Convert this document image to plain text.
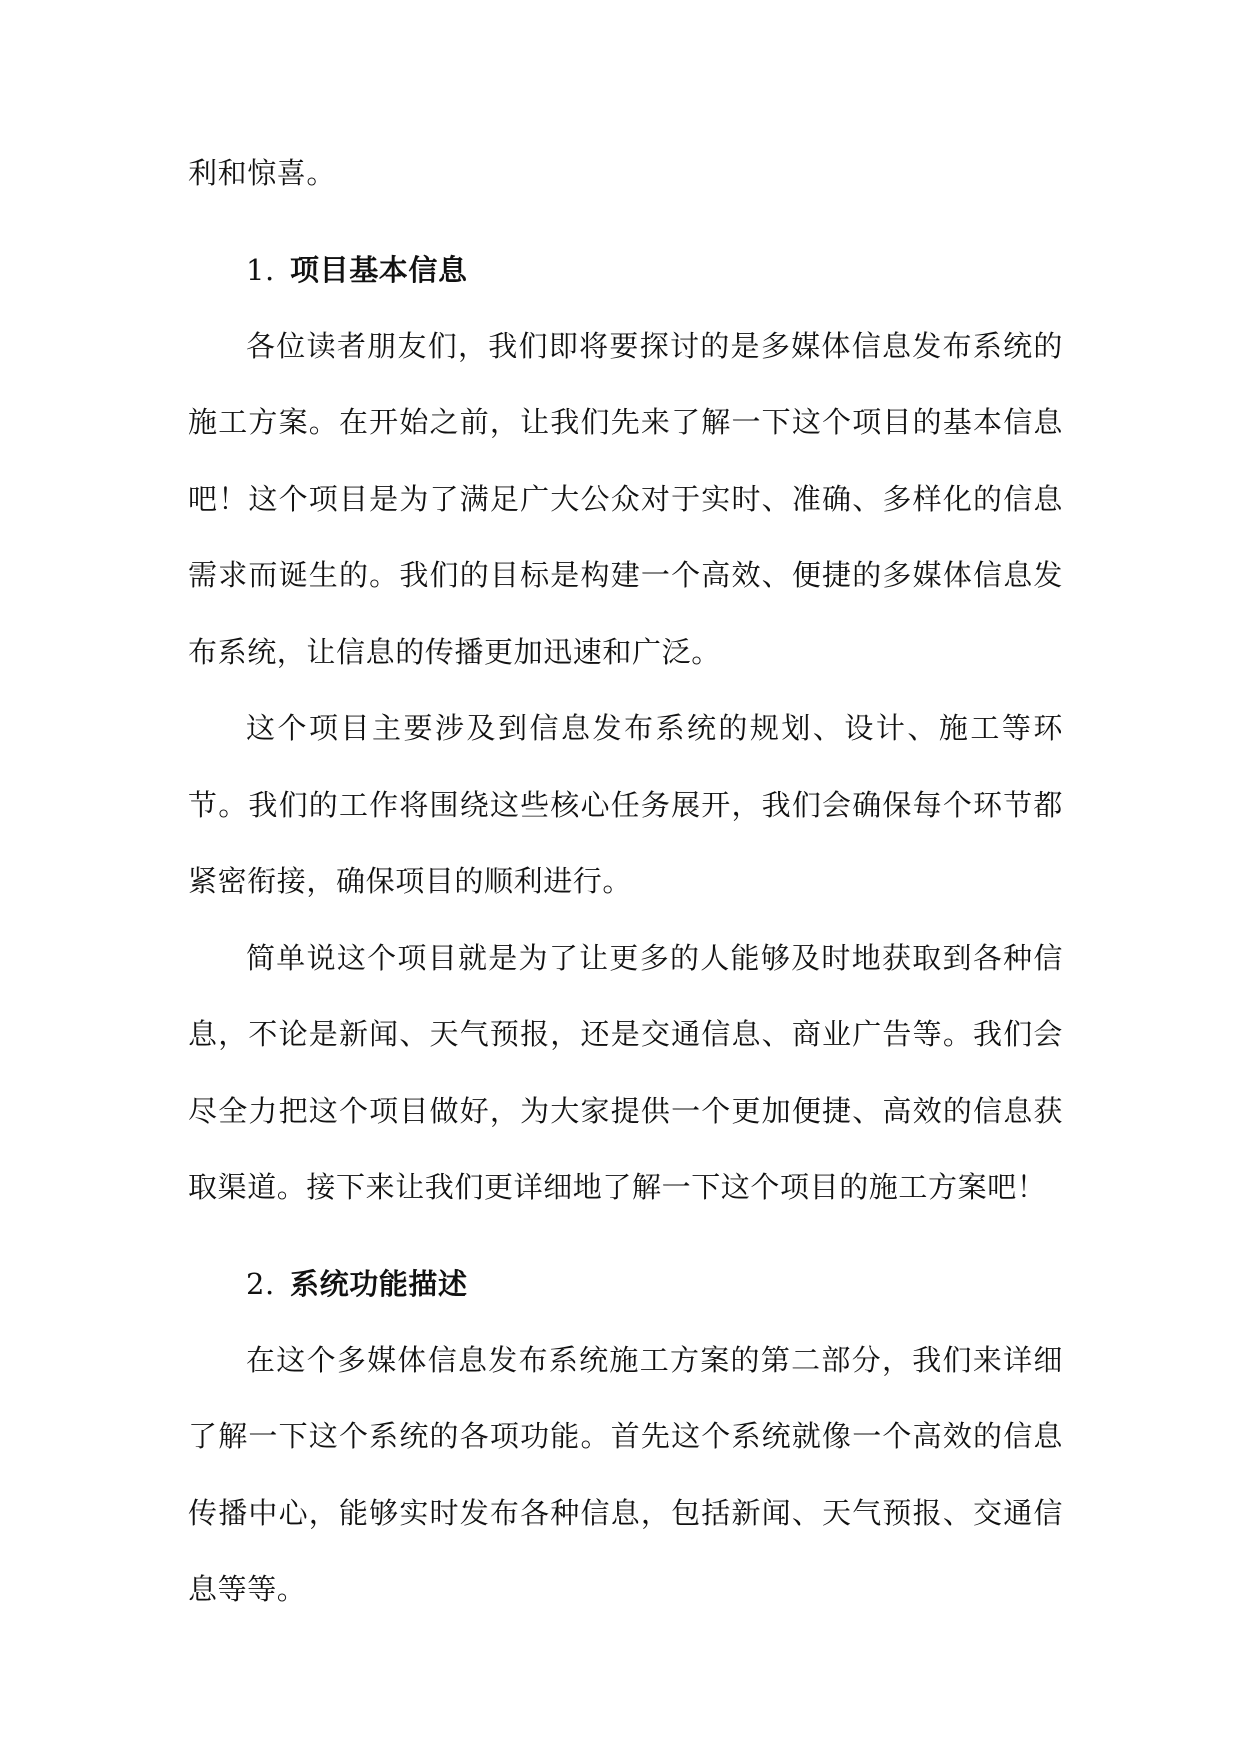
利和惊喜。

1. 项目基本信息

各位读者朋友们，我们即将要探讨的是多媒体信息发布系统的施工方案。在开始之前，让我们先来了解一下这个项目的基本信息吧！这个项目是为了满足广大公众对于实时、准确、多样化的信息需求而诞生的。我们的目标是构建一个高效、便捷的多媒体信息发布系统，让信息的传播更加迅速和广泛。

这个项目主要涉及到信息发布系统的规划、设计、施工等环节。我们的工作将围绕这些核心任务展开，我们会确保每个环节都紧密衔接，确保项目的顺利进行。

简单说这个项目就是为了让更多的人能够及时地获取到各种信息，不论是新闻、天气预报，还是交通信息、商业广告等。我们会尽全力把这个项目做好，为大家提供一个更加便捷、高效的信息获取渠道。接下来让我们更详细地了解一下这个项目的施工方案吧！

2. 系统功能描述

在这个多媒体信息发布系统施工方案的第二部分，我们来详细了解一下这个系统的各项功能。首先这个系统就像一个高效的信息传播中心，能够实时发布各种信息，包括新闻、天气预报、交通信息等等。
